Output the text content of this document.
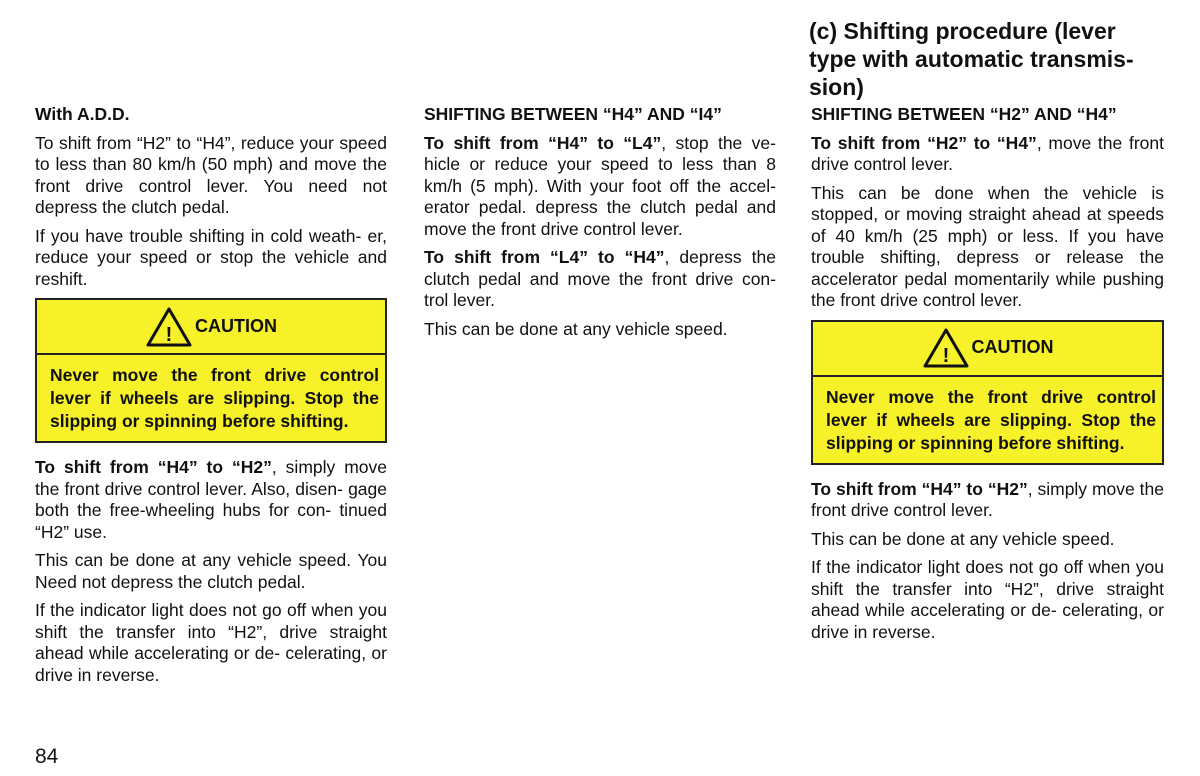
(c) Shifting procedure (lever type with automatic transmis- sion)

With A.D.D.

To shift from “H2” to “H4”, reduce your speed to less than 80 km/h (50 mph) and move the front drive control lever. You need not depress the clutch pedal.

If you have trouble shifting in cold weath- er, reduce your speed or stop the vehicle and reshift.

! CAUTION
Never move the front drive control lever if wheels are slipping. Stop the slipping or spinning before shifting.

To shift from “H4” to “H2”, simply move the front drive control lever. Also, disen- gage both the free-wheeling hubs for con- tinued “H2” use.

This can be done at any vehicle speed. You Need not depress the clutch pedal.

If the indicator light does not go off when you shift the transfer into “H2”, drive straight ahead while accelerating or de- celerating, or drive in reverse.

SHIFTING BETWEEN “H4” AND “I4”

To shift from “H4” to “L4”, stop the ve- hicle or reduce your speed to less than 8 km/h (5 mph). With your foot off the accel- erator pedal. depress the clutch pedal and move the front drive control lever.

To shift from “L4” to “H4”, depress the clutch pedal and move the front drive con- trol lever.

This can be done at any vehicle speed.

SHIFTING BETWEEN “H2” AND “H4”

To shift from “H2” to “H4”, move the front drive control lever.

This can be done when the vehicle is stopped, or moving straight ahead at speeds of 40 km/h (25 mph) or less. If you have trouble shifting, depress or release the accelerator pedal momentarily while pushing the front drive control lever.

! CAUTION
Never move the front drive control lever if wheels are slipping. Stop the slipping or spinning before shifting.

To shift from “H4” to “H2”, simply move the front drive control lever.

This can be done at any vehicle speed.

If the indicator light does not go off when you shift the transfer into “H2”, drive straight ahead while accelerating or de- celerating, or drive in reverse.

84
